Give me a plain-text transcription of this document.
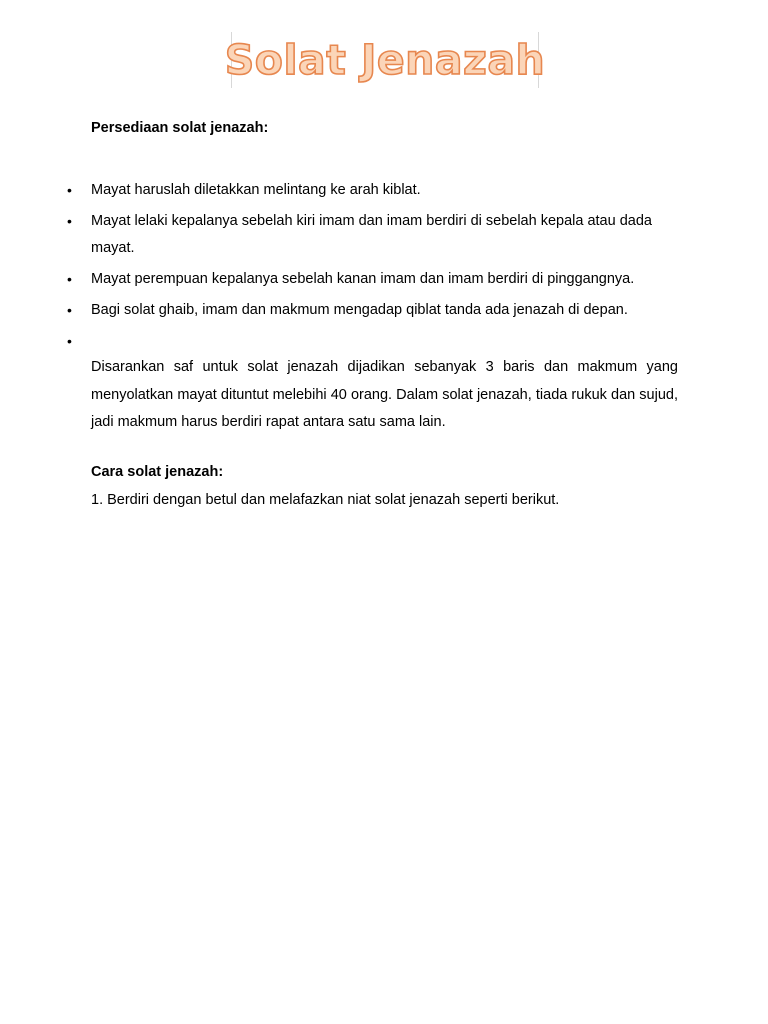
Solat Jenazah
Persediaan solat jenazah:
• Mayat haruslah diletakkan melintang ke arah kiblat.
• Mayat lelaki kepalanya sebelah kiri imam dan imam berdiri di sebelah kepala atau dada mayat.
• Mayat perempuan kepalanya sebelah kanan imam dan imam berdiri di pinggangnya.
• Bagi solat ghaib, imam dan makmum mengadap qiblat tanda ada jenazah di depan.
•

Disarankan saf untuk solat jenazah dijadikan sebanyak 3 baris dan makmum yang menyolatkan mayat dituntut melebihi 40 orang. Dalam solat jenazah, tiada rukuk dan sujud, jadi makmum harus berdiri rapat antara satu sama lain.

Cara solat jenazah:
1. Berdiri dengan betul dan melafazkan niat solat jenazah seperti berikut.
